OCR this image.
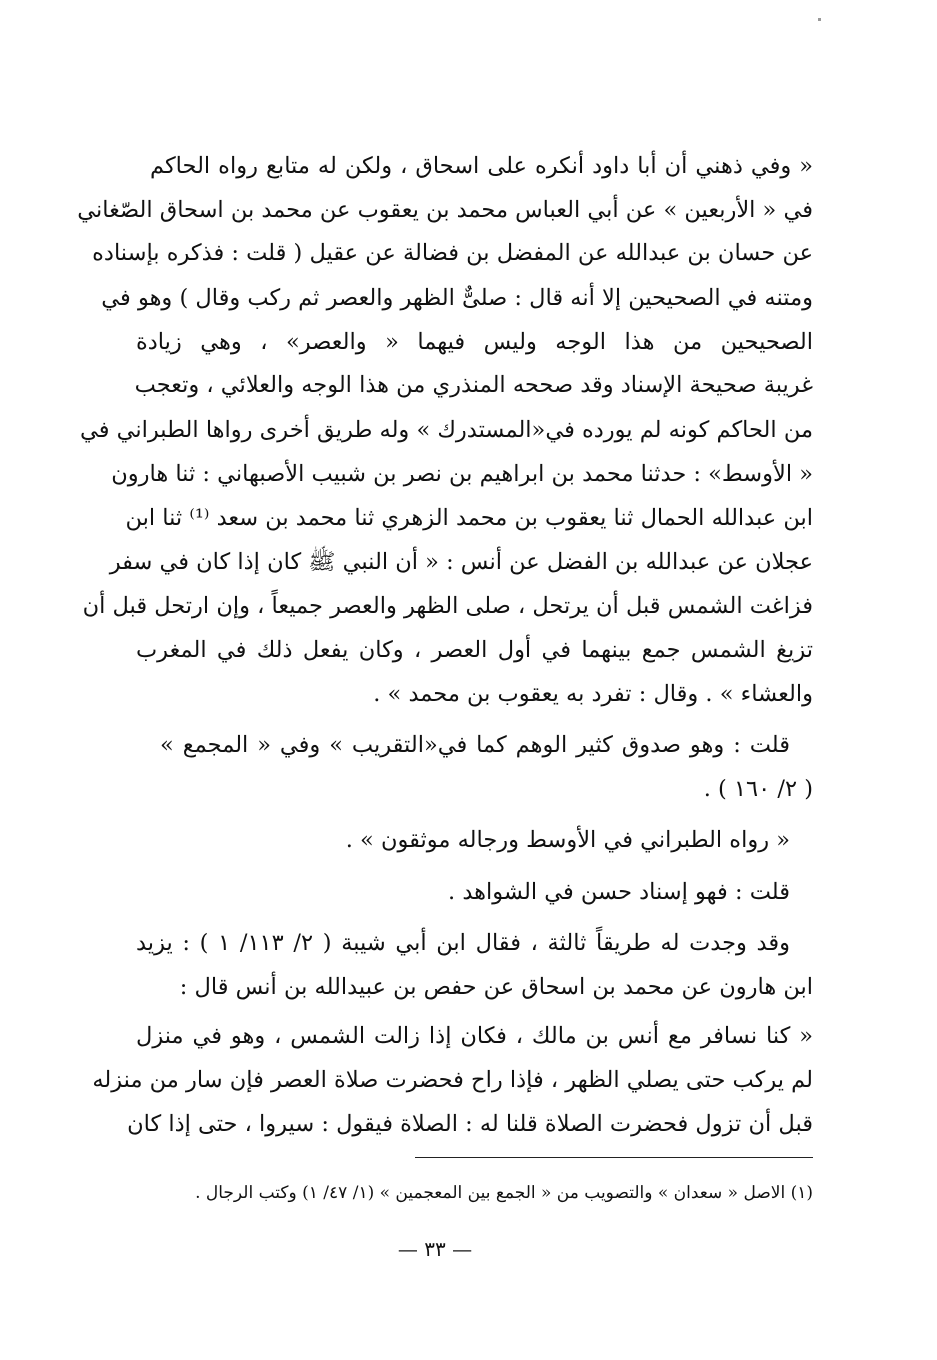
« وفي ذهني أن أبا داود أنكره على اسحاق ، ولكن له متابع رواه الحاكم
في « الأربعين » عن أبي العباس محمد بن يعقوب عن محمد بن اسحاق الصّغاني
عن حسان بن عبدالله عن المفضل بن فضالة عن عقيل ( قلت : فذكره بإسناده
ومتنه في الصحيحين إلا أنه قال : صلىٌّ الظهر والعصر ثم ركب وقال ) وهو في
الصحيحين من هذا الوجه وليس فيهما « والعصر» ، وهي زيادة
غريبة صحيحة الإسناد وقد صححه المنذري من هذا الوجه والعلائي ، وتعجب
من الحاكم كونه لم يورده في«المستدرك » وله طريق أخرى رواها الطبراني في
« الأوسط» : حدثنا محمد بن ابراهيم بن نصر بن شبيب الأصبهاني : ثنا هارون
ابن عبدالله الحمال ثنا يعقوب بن محمد الزهري ثنا محمد بن سعد ⁽¹⁾ ثنا ابن
عجلان عن عبدالله بن الفضل عن أنس : « أن النبي ﷺ كان إذا كان في سفر
فزاغت الشمس قبل أن يرتحل ، صلى الظهر والعصر جميعاً ، وإن ارتحل قبل أن
تزيغ الشمس جمع بينهما في أول العصر ، وكان يفعل ذلك في المغرب
والعشاء » . وقال : تفرد به يعقوب بن محمد » .
قلت : وهو صدوق كثير الوهم كما في«التقريب » وفي « المجمع »
. ( ٢/ ١٦٠ )
« رواه الطبراني في الأوسط ورجاله موثقون » .
قلت : فهو إسناد حسن في الشواهد .
وقد وجدت له طريقاً ثالثة ، فقال ابن أبي شيبة ( ٢/ ١١٣/ ١ ) : يزيد
ابن هارون عن محمد بن اسحاق عن حفص بن عبيدالله بن أنس قال :
« كنا نسافر مع أنس بن مالك ، فكان إذا زالت الشمس ، وهو في منزل
لم يركب حتى يصلي الظهر ، فإذا راح فحضرت صلاة العصر فإن سار من منزله
قبل أن تزول فحضرت الصلاة قلنا له : الصلاة فيقول : سيروا ، حتى إذا كان
(١) الاصل « سعدان » والتصويب من « الجمع بين المعجمين » (١/ ٤٧/ ١) وكتب الرجال .
— ٣٣ —
